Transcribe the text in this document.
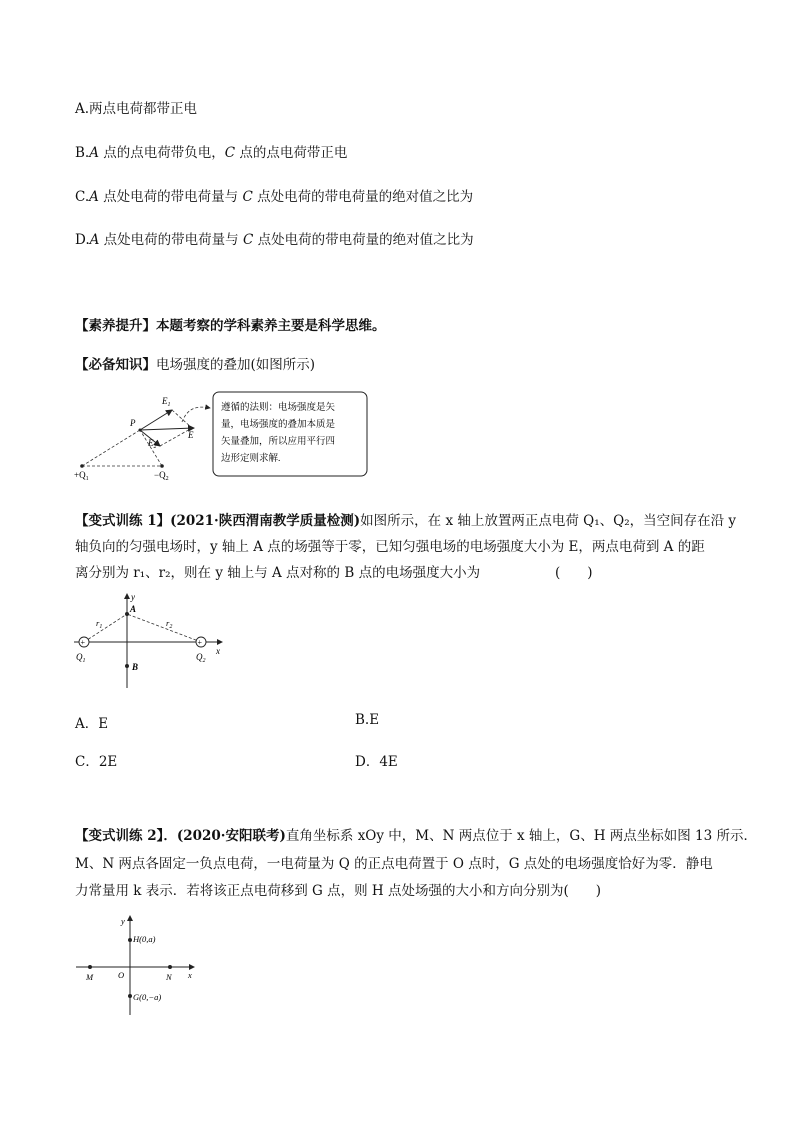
A.两点电荷都带正电
B.A 点的点电荷带负电，C 点的点电荷带正电
C.A 点处电荷的带电荷量与 C 点处电荷的带电荷量的绝对值之比为
D.A 点处电荷的带电荷量与 C 点处电荷的带电荷量的绝对值之比为
【素养提升】本题考察的学科素养主要是科学思维。
【必备知识】电场强度的叠加(如图所示)
$E_1$
$E_2$
P
E
$+Q_1$	$-Q_2$
遵循的法则：电场强度是矢
量，电场强度的叠加本质是
矢量叠加，所以应用平行四
边形定则求解.
【变式训练 1】(2021·陕西渭南教学质量检测)如图所示，在 x 轴上放置两正点电荷 Q₁、Q₂，当空间存在沿 y
轴负向的匀强电场时，y 轴上 A 点的场强等于零，已知匀强电场的电场强度大小为 E，两点电荷到 A 的距
离分别为 r₁、r₂，则在 y 轴上与 A 点对称的 B 点的电场强度大小为	(　　)
+	+
y
x
A
B
$r_1$	$r_2$
$Q_1$	$Q_2$
A．E	B.E
C．2E	D．4E
【变式训练 2】．(2020·安阳联考)直角坐标系 xOy 中，M、N 两点位于 x 轴上，G、H 两点坐标如图 13 所示．
M、N 两点各固定一负点电荷，一电荷量为 Q 的正点电荷置于 O 点时，G 点处的电场强度恰好为零．静电
力常量用 k 表示．若将该正点电荷移到 G 点，则 H 点处场强的大小和方向分别为(　　)
y
x
H(0,a)
G(0,−a)
M	O	N
